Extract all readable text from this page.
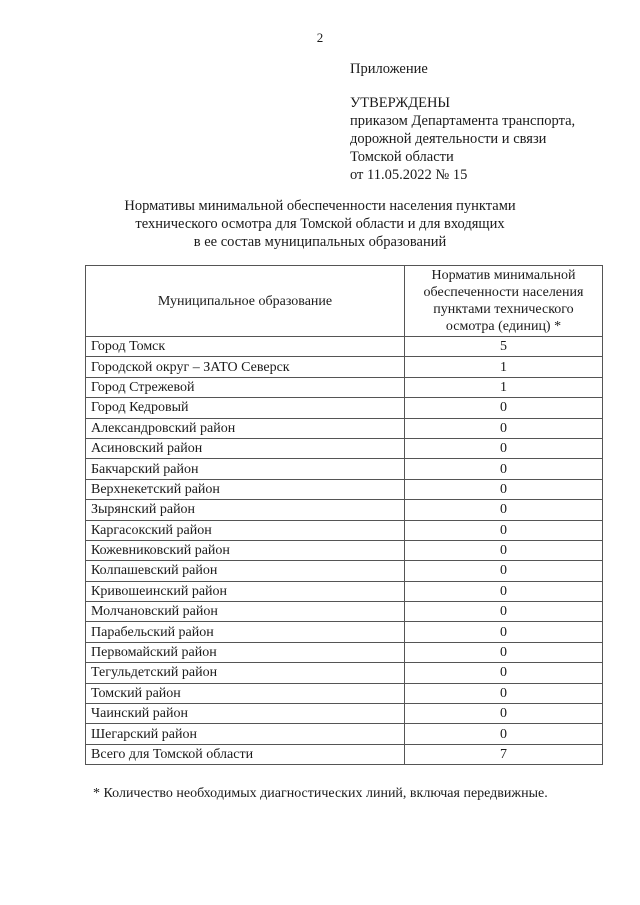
2
Приложение
УТВЕРЖДЕНЫ
приказом Департамента транспорта,
дорожной деятельности и связи
Томской области
от 11.05.2022 № 15
Нормативы минимальной обеспеченности населения пунктами
технического осмотра для Томской области и для входящих
в ее состав муниципальных образований
Муниципальное образование	Норматив минимальной
обеспеченности населения
пунктами технического
осмотра (единиц) *

Город Томск	5
Городской округ – ЗАТО Северск	1
Город Стрежевой	1
Город Кедровый	0
Александровский район	0
Асиновский район	0
Бакчарский район	0
Верхнекетский район	0
Зырянский район	0
Каргасокский район	0
Кожевниковский район	0
Колпашевский район	0
Кривошеинский район	0
Молчановский район	0
Парабельский район	0
Первомайский район	0
Тегульдетский район	0
Томский район	0
Чаинский район	0
Шегарский район	0
Всего для Томской области	7
* Количество необходимых диагностических линий, включая передвижные.
